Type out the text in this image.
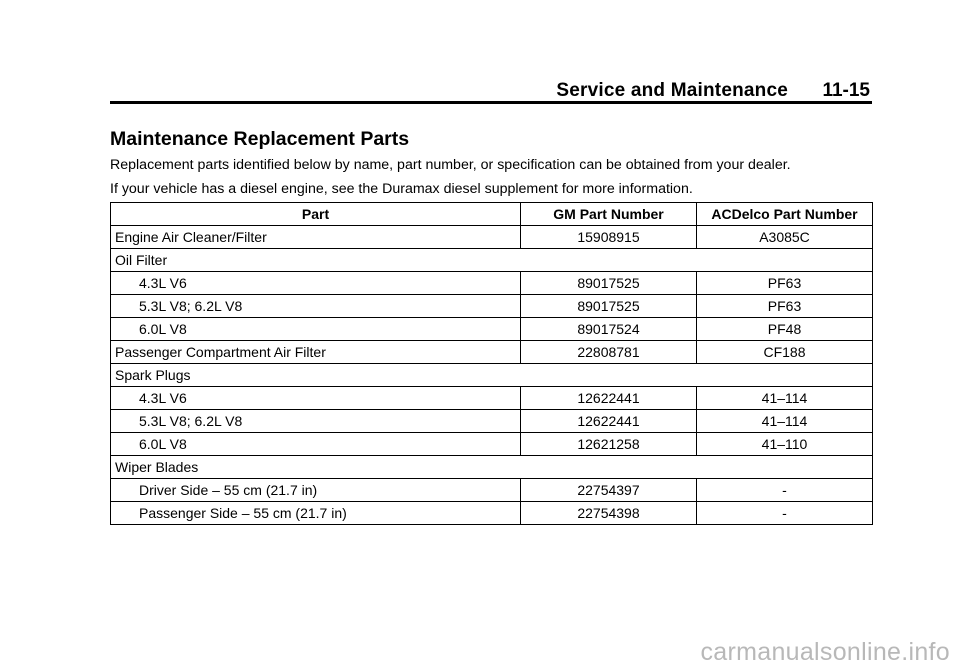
Service and Maintenance 11-15
Maintenance Replacement Parts
Replacement parts identified below by name, part number, or specification can be obtained from your dealer.
If your vehicle has a diesel engine, see the Duramax diesel supplement for more information.
Part	GM Part Number	ACDelco Part Number
Engine Air Cleaner/Filter	15908915	A3085C
Oil Filter		
4.3L V6	89017525	PF63
5.3L V8; 6.2L V8	89017525	PF63
6.0L V8	89017524	PF48
Passenger Compartment Air Filter	22808781	CF188
Spark Plugs		
4.3L V6	12622441	41–114
5.3L V8; 6.2L V8	12622441	41–114
6.0L V8	12621258	41–110
Wiper Blades		
Driver Side – 55 cm (21.7 in)	22754397	-
Passenger Side – 55 cm (21.7 in)	22754398	-
carmanualsonline.info
